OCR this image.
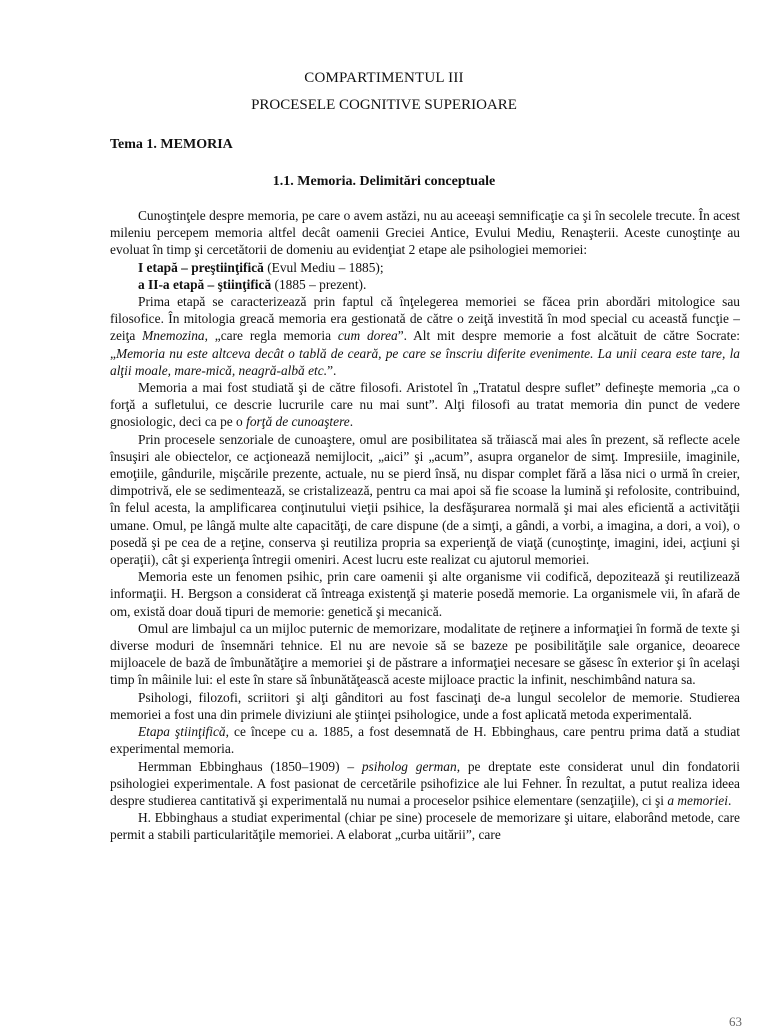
COMPARTIMENTUL III
PROCESELE COGNITIVE SUPERIOARE
Tema 1. MEMORIA
1.1. Memoria. Delimitări conceptuale

Cunoştinţele despre memoria, pe care o avem astăzi, nu au aceeaşi semnificaţie ca şi în secolele trecute. În acest mileniu percepem memoria altfel decât oamenii Greciei Antice, Evului Mediu, Renaşterii. Aceste cunoştinţe au evoluat în timp şi cercetătorii de domeniu au evidenţiat 2 etape ale psihologiei memoriei:

I etapă – preştiinţifică (Evul Mediu – 1885);

a II-a etapă – ştiinţifică (1885 – prezent).

Prima etapă se caracterizează prin faptul că înţelegerea memoriei se făcea prin abordări mitologice sau filosofice. În mitologia greacă memoria era gestionată de către o zeiţă investită în mod special cu această funcţie – zeiţa Mnemozina, „care regla memoria cum dorea”. Alt mit despre memorie a fost alcătuit de către Socrate: „Memoria nu este altceva decât o tablă de ceară, pe care se înscriu diferite evenimente. La unii ceara este tare, la alţii moale, mare-mică, neagră-albă etc.”.

Memoria a mai fost studiată şi de către filosofi. Aristotel în „Tratatul despre suflet” defineşte memoria „ca o forţă a sufletului, ce descrie lucrurile care nu mai sunt”. Alţi filosofi au tratat memoria din punct de vedere gnosiologic, deci ca pe o forţă de cunoaştere.

Prin procesele senzoriale de cunoaştere, omul are posibilitatea să trăiască mai ales în prezent, să reflecte acele însuşiri ale obiectelor, ce acţionează nemijlocit, „aici” şi „acum”, asupra organelor de simţ. Impresiile, imaginile, emoţiile, gândurile, mişcările prezente, actuale, nu se pierd însă, nu dispar complet fără a lăsa nici o urmă în creier, dimpotrivă, ele se sedimentează, se cristalizează, pentru ca mai apoi să fie scoase la lumină şi refolosite, contribuind, în felul acesta, la amplificarea conţinutului vieţii psihice, la desfăşurarea normală şi mai ales eficientă a activităţii umane. Omul, pe lângă multe alte capacităţi, de care dispune (de a simţi, a gândi, a vorbi, a imagina, a dori, a voi), o posedă şi pe cea de a reţine, conserva şi reutiliza propria sa experienţă de viaţă (cunoştinţe, imagini, idei, acţiuni şi operaţii), cât şi experienţa întregii omeniri. Acest lucru este realizat cu ajutorul memoriei.

Memoria este un fenomen psihic, prin care oamenii şi alte organisme vii codifică, depozitează şi reutilizează informaţii. H. Bergson a considerat că întreaga existenţă şi materie posedă memorie. La organismele vii, în afară de om, există doar două tipuri de memorie: genetică şi mecanică.

Omul are limbajul ca un mijloc puternic de memorizare, modalitate de reţinere a informaţiei în formă de texte şi diverse moduri de însemnări tehnice. El nu are nevoie să se bazeze pe posibilităţile sale organice, deoarece mijloacele de bază de îmbunătăţire a memoriei şi de păstrare a informaţiei necesare se găsesc în exterior şi în acelaşi timp în mâinile lui: el este în stare să înbunătăţească aceste mijloace practic la infinit, neschimbând natura sa.

Psihologi, filozofi, scriitori şi alţi gânditori au fost fascinaţi de-a lungul secolelor de memorie. Studierea memoriei a fost una din primele diviziuni ale ştiinţei psihologice, unde a fost aplicată metoda experimentală.

Etapa ştiinţifică, ce începe cu a. 1885, a fost desemnată de H. Ebbinghaus, care pentru prima dată a studiat experimental memoria.

Hermman Ebbinghaus (1850–1909) – psiholog german, pe dreptate este considerat unul din fondatorii psihologiei experimentale. A fost pasionat de cercetările psihofizice ale lui Fehner. În rezultat, a putut realiza ideea despre studierea cantitativă şi experimentală nu numai a proceselor psihice elementare (senzaţiile), ci şi a memoriei.

H. Ebbinghaus a studiat experimental (chiar pe sine) procesele de memorizare şi uitare, elaborând metode, care permit a stabili particularităţile memoriei. A elaborat „curba uitării”, care

63
